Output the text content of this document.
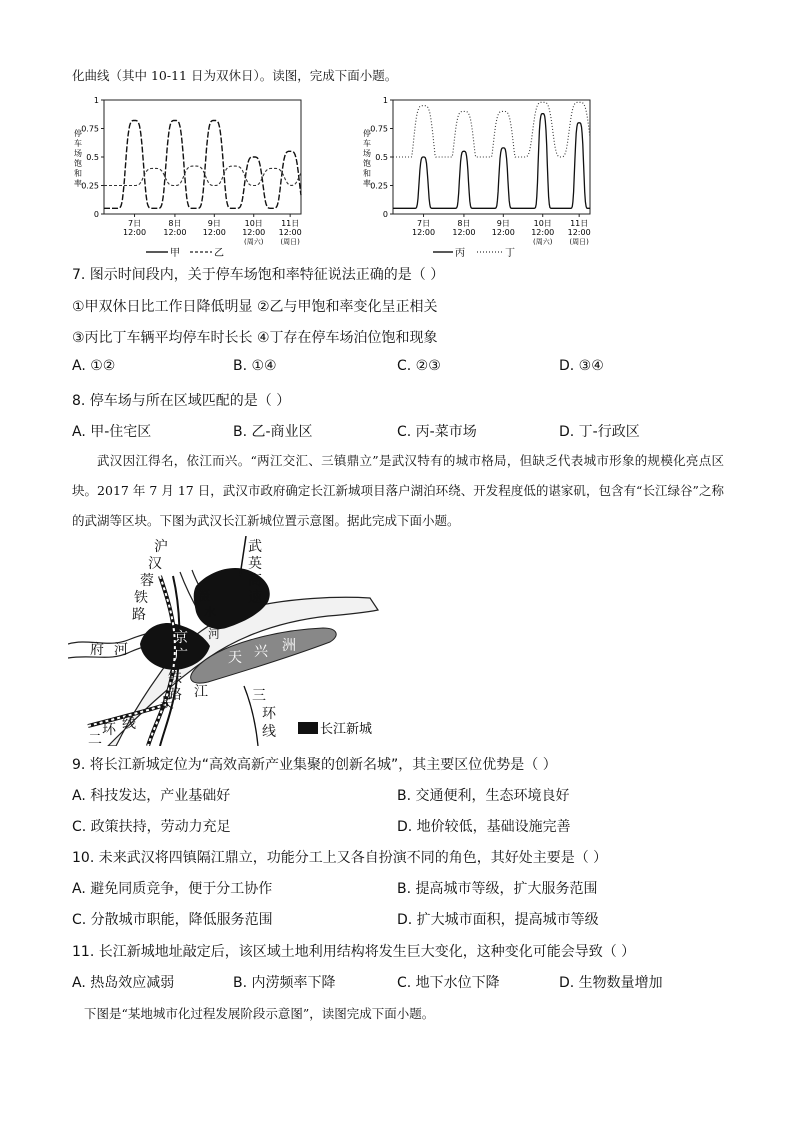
化曲线（其中 10-11 日为双休日）。读图，完成下面小题。
停
车
场
饱
和
率
1
0.75
0.5
0.25
0
7日
12:00
8日
12:00
9日
12:00
10日
12:00
(周六)
11日
12:00
(周日)
甲	乙
停
车
场
饱
和
率
1
0.75
0.5
0.25
0
7日
12:00
8日
12:00
9日
12:00
10日
12:00
(周六)
11日
12:00
(周日)
丙	丁
7. 图示时间段内，关于停车场饱和率特征说法正确的是（ ）
①甲双休日比工作日降低明显 ②乙与甲饱和率变化呈正相关
③丙比丁车辆平均停车时长长 ④丁存在停车场泊位饱和现象
A. ①②	B. ①④	C. ②③	D. ③④
8. 停车场与所在区域匹配的是（ ）
A. 甲-住宅区	B. 乙-商业区	C. 丙-菜市场	D. 丁-行政区
武汉因江得名，依江而兴。“两江交汇、三镇鼎立”是武汉特有的城市格局，但缺乏代表城市形象的规模化亮点区块。2017 年 7 月 17 日，武汉市政府确定长江新城项目落户湖泊环绕、开发程度低的谌家矶，包含有“长江绿谷”之称的武湖等区块。下图为武汉长江新城位置示意图。据此完成下面小题。
沪
汉
蓉
铁
路
武
英
高
速
滠
水
河
府 河
京
广
铁
路
天 兴 洲
长
江	三
环
线
二
环 线	长江新城
9. 将长江新城定位为“高效高新产业集聚的创新名城”，其主要区位优势是（ ）
A. 科技发达，产业基础好	B. 交通便利，生态环境良好
C. 政策扶持，劳动力充足	D. 地价较低，基础设施完善
10. 未来武汉将四镇隔江鼎立，功能分工上又各自扮演不同的角色，其好处主要是（ ）
A. 避免同质竞争，便于分工协作	B. 提高城市等级，扩大服务范围
C. 分散城市职能，降低服务范围	D. 扩大城市面积，提高城市等级
11. 长江新城地址敲定后，该区域土地利用结构将发生巨大变化，这种变化可能会导致（ ）
A. 热岛效应减弱	B. 内涝频率下降	C. 地下水位下降	D. 生物数量增加
下图是“某地城市化过程发展阶段示意图”，读图完成下面小题。
